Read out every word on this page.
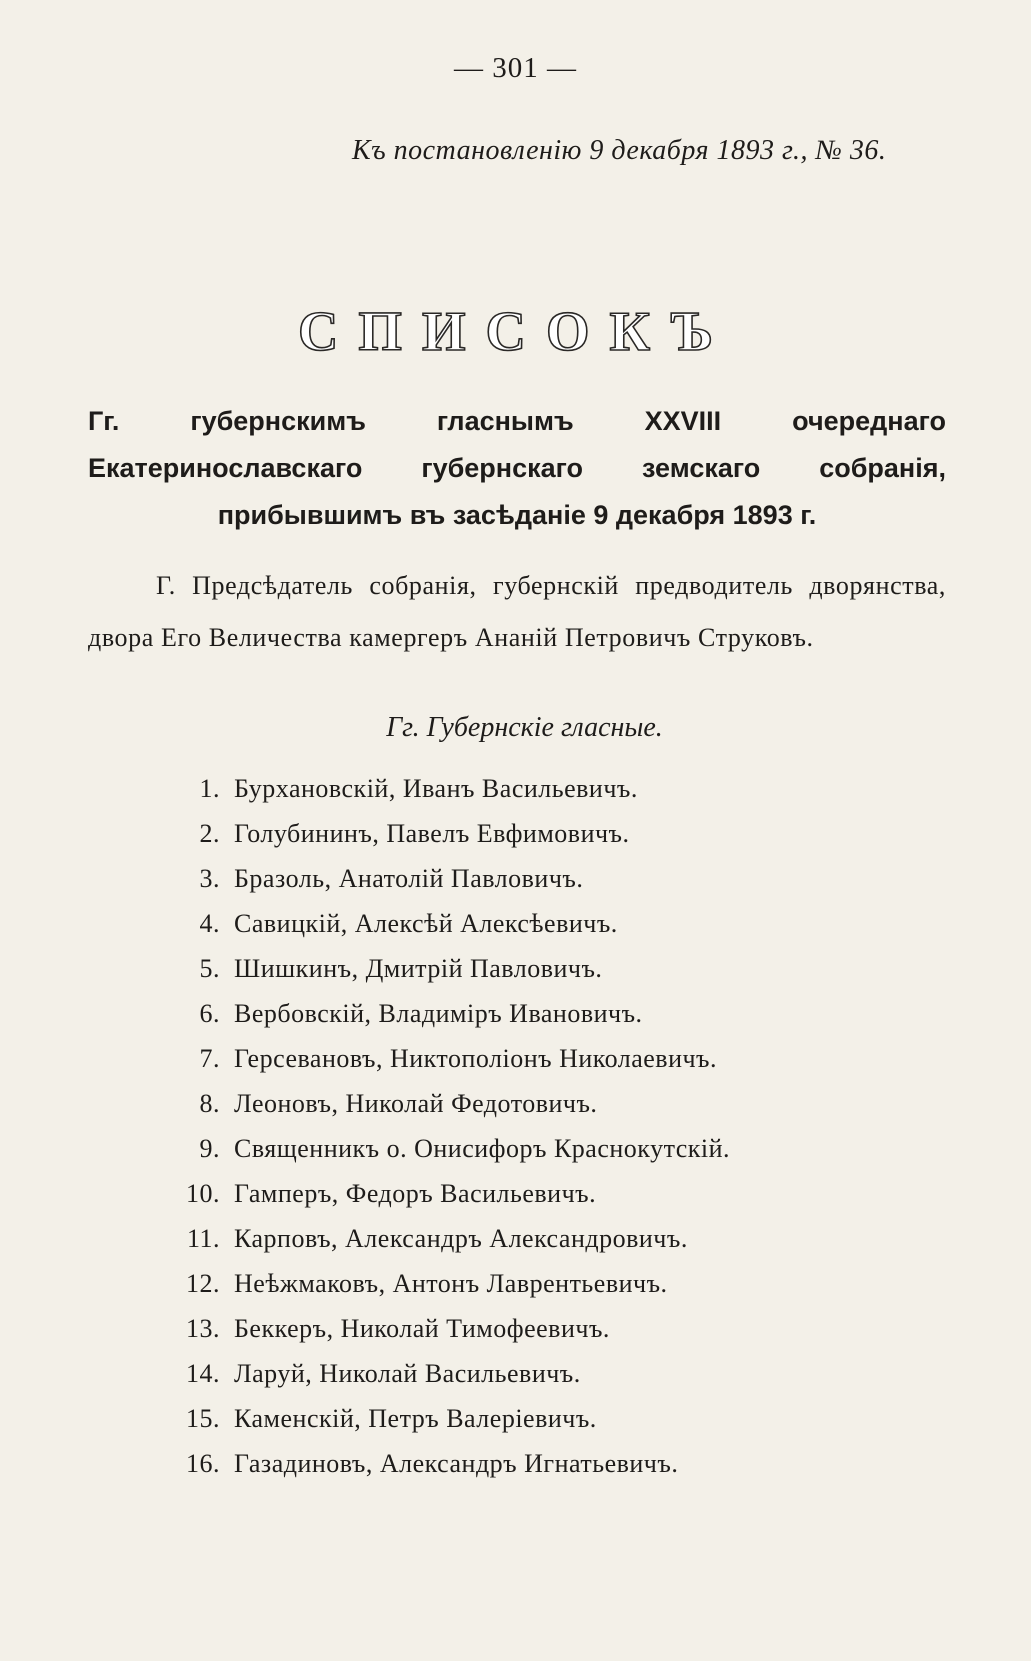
— 301 —
Къ постановленію 9 декабря 1893 г., № 36.
СПИСОКЪ
Гг. губернскимъ гласнымъ XXVIII очереднаго Екатеринославскаго губернскаго земскаго собранія, прибывшимъ въ засѣданіе 9 декабря 1893 г.
Г. Предсѣдатель собранія, губернскій предводитель дворянства, двора Его Величества камергеръ Ананій Петровичъ Струковъ.
Гг. Губернскіе гласные.
1. Бурхановскій, Иванъ Васильевичъ.
2. Голубининъ, Павелъ Евфимовичъ.
3. Бразоль, Анатолій Павловичъ.
4. Савицкій, Алексѣй Алексѣевичъ.
5. Шишкинъ, Дмитрій Павловичъ.
6. Вербовскій, Владиміръ Ивановичъ.
7. Герсевановъ, Никтополіонъ Николаевичъ.
8. Леоновъ, Николай Федотовичъ.
9. Священникъ о. Онисифоръ Краснокутскій.
10. Гамперъ, Федоръ Васильевичъ.
11. Карповъ, Александръ Александровичъ.
12. Неѣжмаковъ, Антонъ Лаврентьевичъ.
13. Беккеръ, Николай Тимофеевичъ.
14. Ларуй, Николай Васильевичъ.
15. Каменскій, Петръ Валеріевичъ.
16. Газадиновъ, Александръ Игнатьевичъ.
